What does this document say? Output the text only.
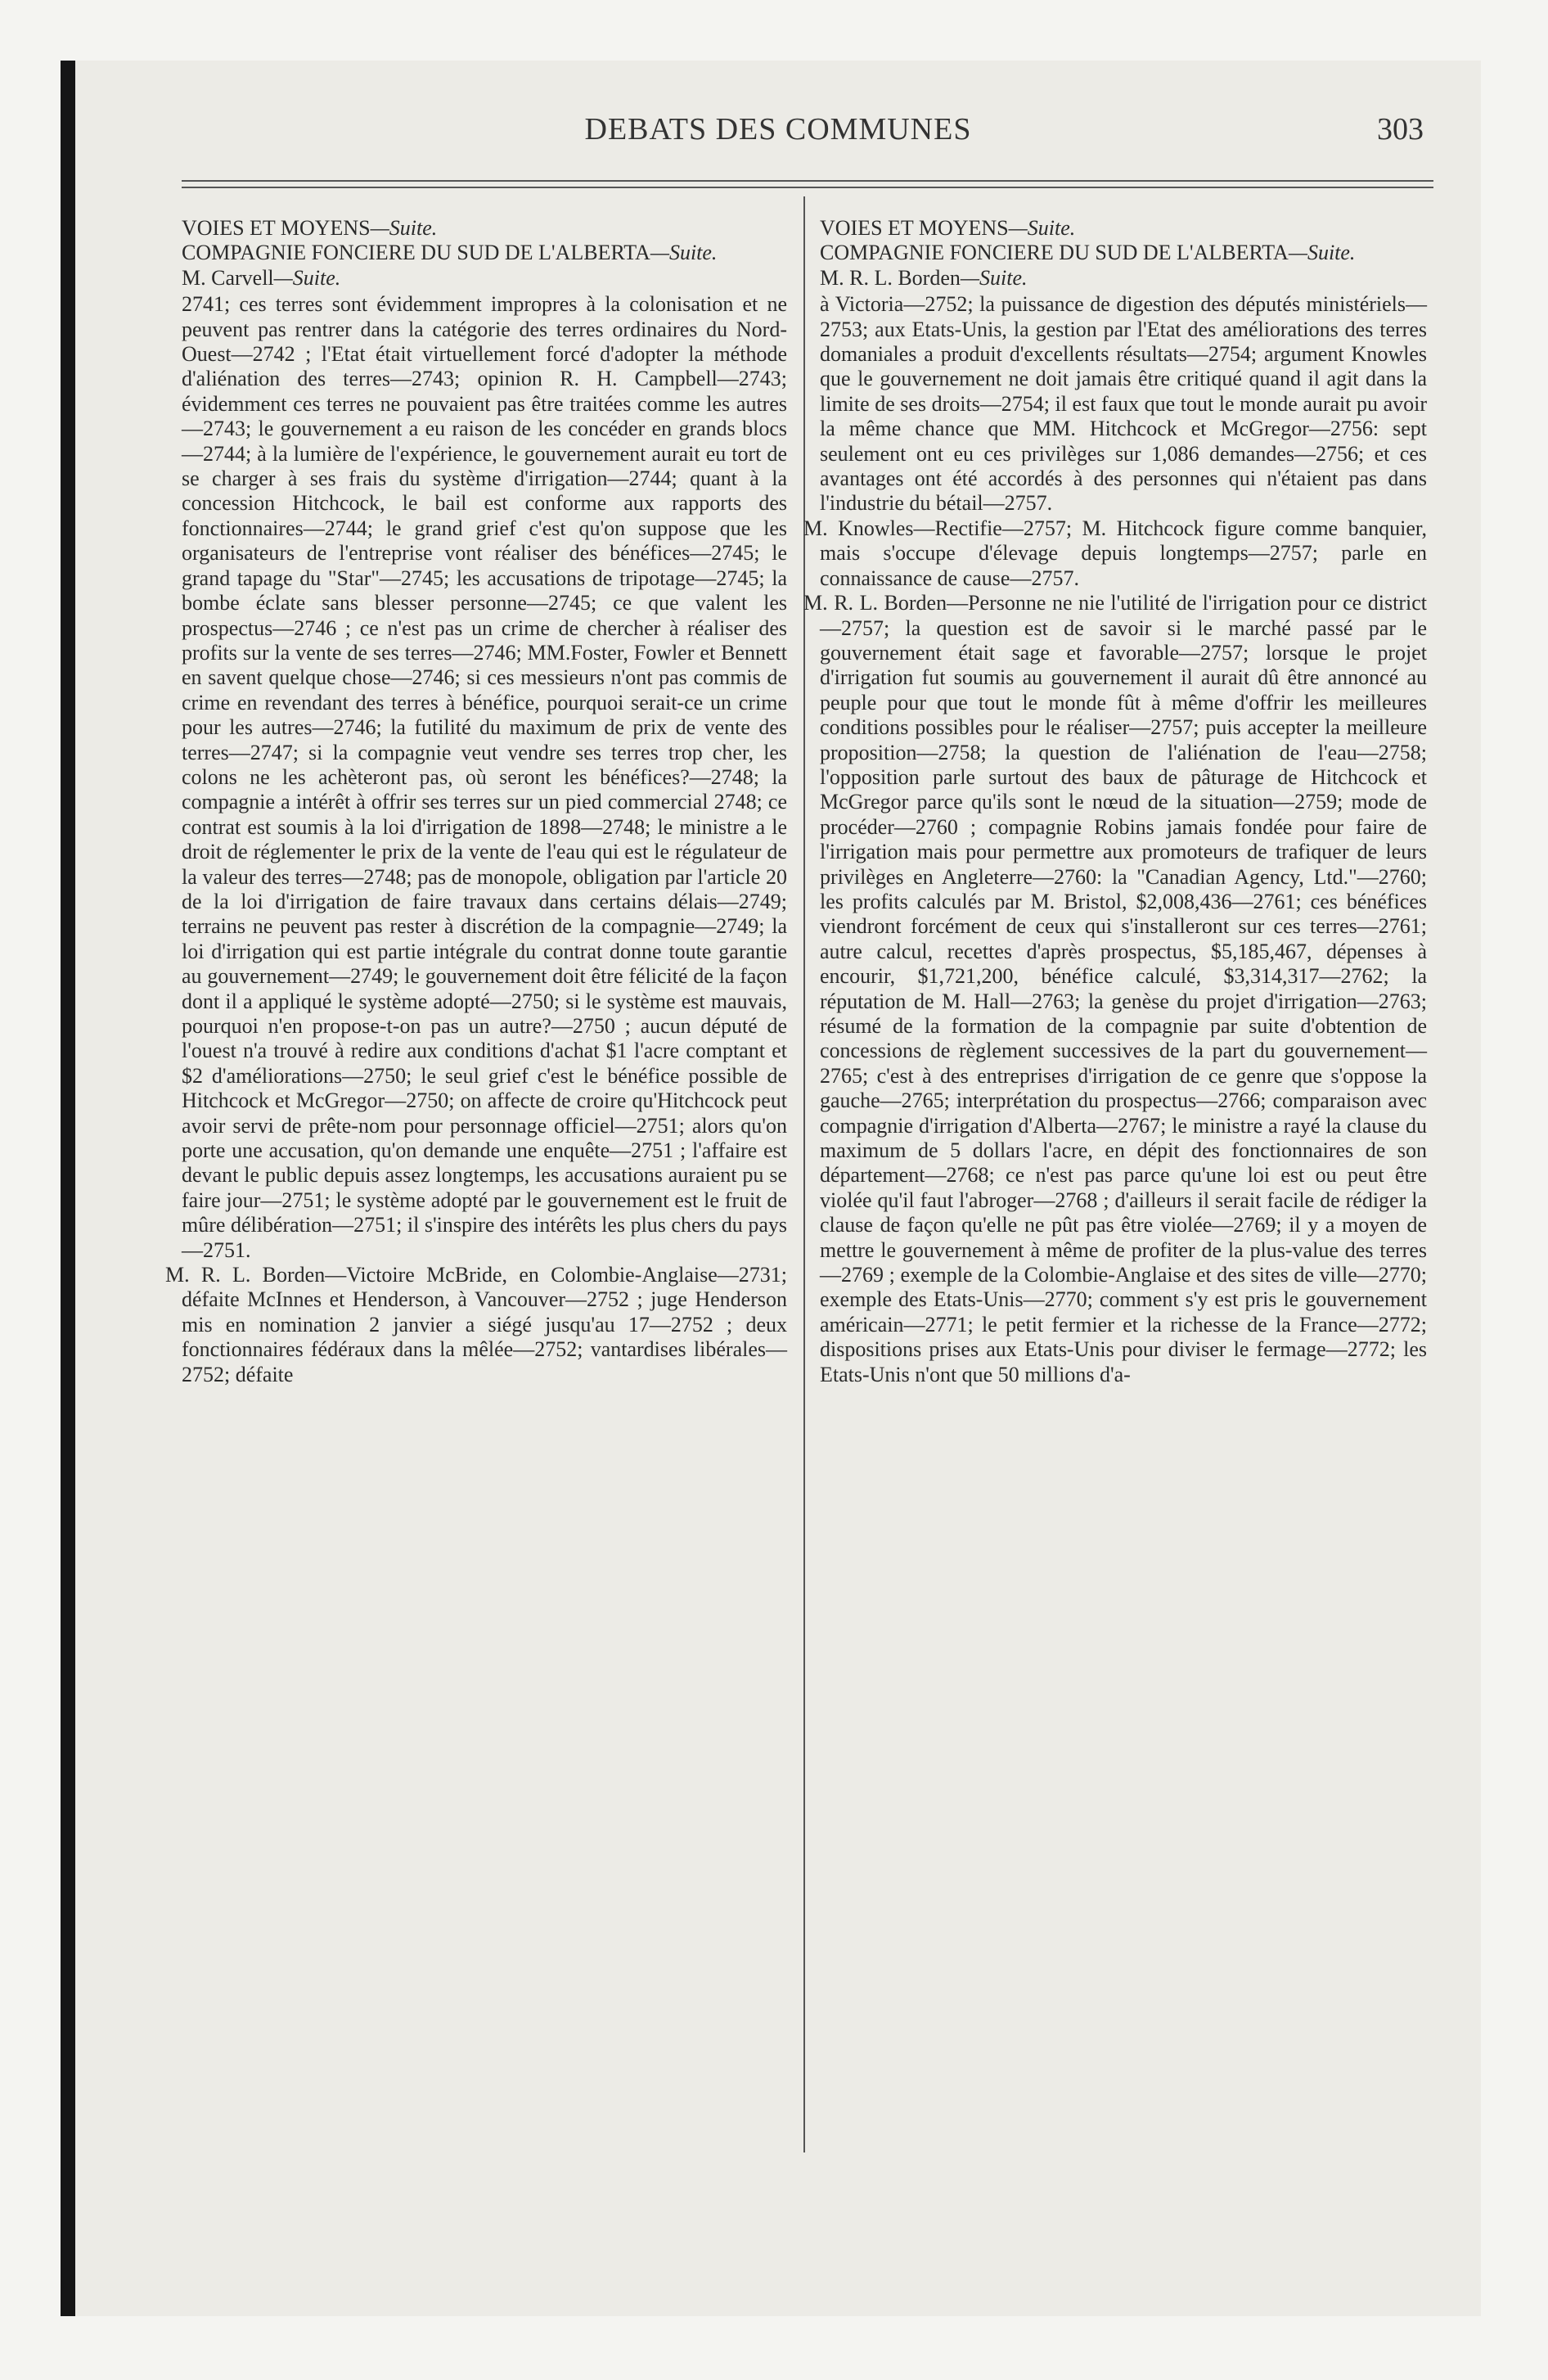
DEBATS DES COMMUNES	303

VOIES ET MOYENS—Suite.

COMPAGNIE FONCIERE DU SUD DE L'ALBERTA—Suite.

M. Carvell—Suite.

2741; ces terres sont évidemment impropres à la colonisation et ne peuvent pas rentrer dans la catégorie des terres ordinaires du Nord-Ouest—2742 ; l'Etat était virtuellement forcé d'adopter la méthode d'aliénation des terres—2743; opinion R. H. Campbell—2743; évidemment ces terres ne pouvaient pas être traitées comme les autres—2743; le gouvernement a eu raison de les concéder en grands blocs—2744; à la lumière de l'expérience, le gouvernement aurait eu tort de se charger à ses frais du système d'irrigation—2744; quant à la concession Hitchcock, le bail est conforme aux rapports des fonctionnaires—2744; le grand grief c'est qu'on suppose que les organisateurs de l'entreprise vont réaliser des bénéfices—2745; le grand tapage du "Star"—2745; les accusations de tripotage—2745; la bombe éclate sans blesser personne—2745; ce que valent les prospectus—2746 ; ce n'est pas un crime de chercher à réaliser des profits sur la vente de ses terres—2746; MM.Foster, Fowler et Bennett en savent quelque chose—2746; si ces messieurs n'ont pas commis de crime en revendant des terres à bénéfice, pourquoi serait-ce un crime pour les autres—2746; la futilité du maximum de prix de vente des terres—2747; si la compagnie veut vendre ses terres trop cher, les colons ne les achèteront pas, où seront les bénéfices?—2748; la compagnie a intérêt à offrir ses terres sur un pied commercial 2748; ce contrat est soumis à la loi d'irrigation de 1898—2748; le ministre a le droit de réglementer le prix de la vente de l'eau qui est le régulateur de la valeur des terres—2748; pas de monopole, obligation par l'article 20 de la loi d'irrigation de faire travaux dans certains délais—2749; terrains ne peuvent pas rester à discrétion de la compagnie—2749; la loi d'irrigation qui est partie intégrale du contrat donne toute garantie au gouvernement—2749; le gouvernement doit être félicité de la façon dont il a appliqué le système adopté—2750; si le système est mauvais, pourquoi n'en propose-t-on pas un autre?—2750 ; aucun député de l'ouest n'a trouvé à redire aux conditions d'achat $1 l'acre comptant et $2 d'améliorations—2750; le seul grief c'est le bénéfice possible de Hitchcock et McGregor—2750; on affecte de croire qu'Hitchcock peut avoir servi de prête-nom pour personnage officiel—2751; alors qu'on porte une accusation, qu'on demande une enquête—2751 ; l'affaire est devant le public depuis assez longtemps, les accusations auraient pu se faire jour—2751; le système adopté par le gouvernement est le fruit de mûre délibération—2751; il s'inspire des intérêts les plus chers du pays—2751.

M. R. L. Borden—Victoire McBride, en Colombie-Anglaise—2731; défaite McInnes et Henderson, à Vancouver—2752 ; juge Henderson mis en nomination 2 janvier a siégé jusqu'au 17—2752 ; deux fonctionnaires fédéraux dans la mêlée—2752; vantardises libérales—2752; défaite

VOIES ET MOYENS—Suite.

COMPAGNIE FONCIERE DU SUD DE L'ALBERTA—Suite.

M. R. L. Borden—Suite.

à Victoria—2752; la puissance de digestion des députés ministériels—2753; aux Etats-Unis, la gestion par l'Etat des améliorations des terres domaniales a produit d'excellents résultats—2754; argument Knowles que le gouvernement ne doit jamais être critiqué quand il agit dans la limite de ses droits—2754; il est faux que tout le monde aurait pu avoir la même chance que MM. Hitchcock et McGregor—2756: sept seulement ont eu ces privilèges sur 1,086 demandes—2756; et ces avantages ont été accordés à des personnes qui n'étaient pas dans l'industrie du bétail—2757.

M. Knowles—Rectifie—2757; M. Hitchcock figure comme banquier, mais s'occupe d'élevage depuis longtemps—2757; parle en connaissance de cause—2757.

M. R. L. Borden—Personne ne nie l'utilité de l'irrigation pour ce district—2757; la question est de savoir si le marché passé par le gouvernement était sage et favorable—2757; lorsque le projet d'irrigation fut soumis au gouvernement il aurait dû être annoncé au peuple pour que tout le monde fût à même d'offrir les meilleures conditions possibles pour le réaliser—2757; puis accepter la meilleure proposition—2758; la question de l'aliénation de l'eau—2758; l'opposition parle surtout des baux de pâturage de Hitchcock et McGregor parce qu'ils sont le nœud de la situation—2759; mode de procéder—2760 ; compagnie Robins jamais fondée pour faire de l'irrigation mais pour permettre aux promoteurs de trafiquer de leurs privilèges en Angleterre—2760: la "Canadian Agency, Ltd."—2760; les profits calculés par M. Bristol, $2,008,436—2761; ces bénéfices viendront forcément de ceux qui s'installeront sur ces terres—2761; autre calcul, recettes d'après prospectus, $5,185,467, dépenses à encourir, $1,721,200, bénéfice calculé, $3,314,317—2762; la réputation de M. Hall—2763; la genèse du projet d'irrigation—2763; résumé de la formation de la compagnie par suite d'obtention de concessions de règlement successives de la part du gouvernement—2765; c'est à des entreprises d'irrigation de ce genre que s'oppose la gauche—2765; interprétation du prospectus—2766; comparaison avec compagnie d'irrigation d'Alberta—2767; le ministre a rayé la clause du maximum de 5 dollars l'acre, en dépit des fonctionnaires de son département—2768; ce n'est pas parce qu'une loi est ou peut être violée qu'il faut l'abroger—2768 ; d'ailleurs il serait facile de rédiger la clause de façon qu'elle ne pût pas être violée—2769; il y a moyen de mettre le gouvernement à même de profiter de la plus-value des terres—2769 ; exemple de la Colombie-Anglaise et des sites de ville—2770; exemple des Etats-Unis—2770; comment s'y est pris le gouvernement américain—2771; le petit fermier et la richesse de la France—2772; dispositions prises aux Etats-Unis pour diviser le fermage—2772; les Etats-Unis n'ont que 50 millions d'a-
